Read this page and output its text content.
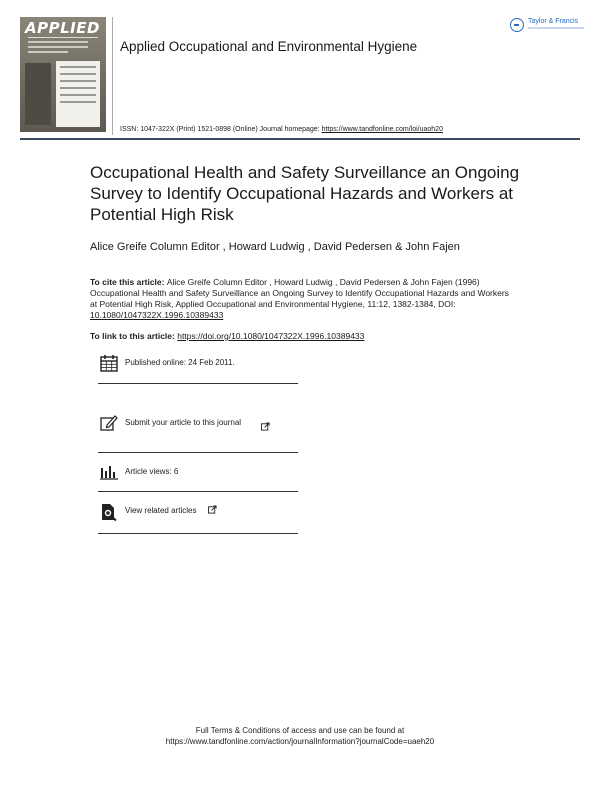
APPLIED
Applied Occupational and Environmental Hygiene
Taylor & Francis
ISSN: 1047-322X (Print) 1521-0898 (Online) Journal homepage: https://www.tandfonline.com/loi/uaoh20
Occupational Health and Safety Surveillance an Ongoing Survey to Identify Occupational Hazards and Workers at Potential High Risk
Alice Greife Column Editor , Howard Ludwig , David Pedersen & John Fajen
To cite this article: Alice Greife Column Editor , Howard Ludwig , David Pedersen & John Fajen (1996) Occupational Health and Safety Surveillance an Ongoing Survey to Identify Occupational Hazards and Workers at Potential High Risk, Applied Occupational and Environmental Hygiene, 11:12, 1382-1384, DOI: 10.1080/1047322X.1996.10389433
To link to this article: https://doi.org/10.1080/1047322X.1996.10389433
Published online: 24 Feb 2011.
Submit your article to this journal
Article views: 6
View related articles
Full Terms & Conditions of access and use can be found at
https://www.tandfonline.com/action/journalInformation?journalCode=uaeh20
